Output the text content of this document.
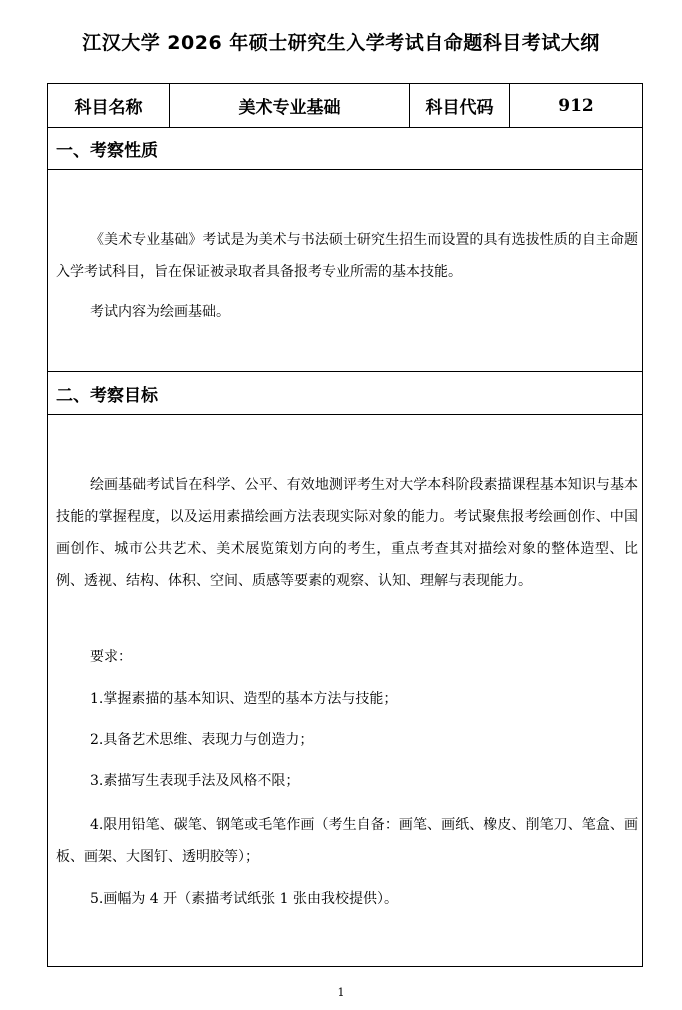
江汉大学 2026 年硕士研究生入学考试自命题科目考试大纲
科目名称	美术专业基础	科目代码	912
一、考察性质

《美术专业基础》考试是为美术与书法硕士研究生招生而设置的具有选拔性质的自主命题入学考试科目，旨在保证被录取者具备报考专业所需的基本技能。

考试内容为绘画基础。

二、考察目标

绘画基础考试旨在科学、公平、有效地测评考生对大学本科阶段素描课程基本知识与基本技能的掌握程度，以及运用素描绘画方法表现实际对象的能力。考试聚焦报考绘画创作、中国画创作、城市公共艺术、美术展览策划方向的考生，重点考查其对描绘对象的整体造型、比例、透视、结构、体积、空间、质感等要素的观察、认知、理解与表现能力。

要求：

1.掌握素描的基本知识、造型的基本方法与技能；

2.具备艺术思维、表现力与创造力；

3.素描写生表现手法及风格不限；

4.限用铅笔、碳笔、钢笔或毛笔作画（考生自备：画笔、画纸、橡皮、削笔刀、笔盒、画板、画架、大图钉、透明胶等）；

5.画幅为 4 开（素描考试纸张 1 张由我校提供）。

1
